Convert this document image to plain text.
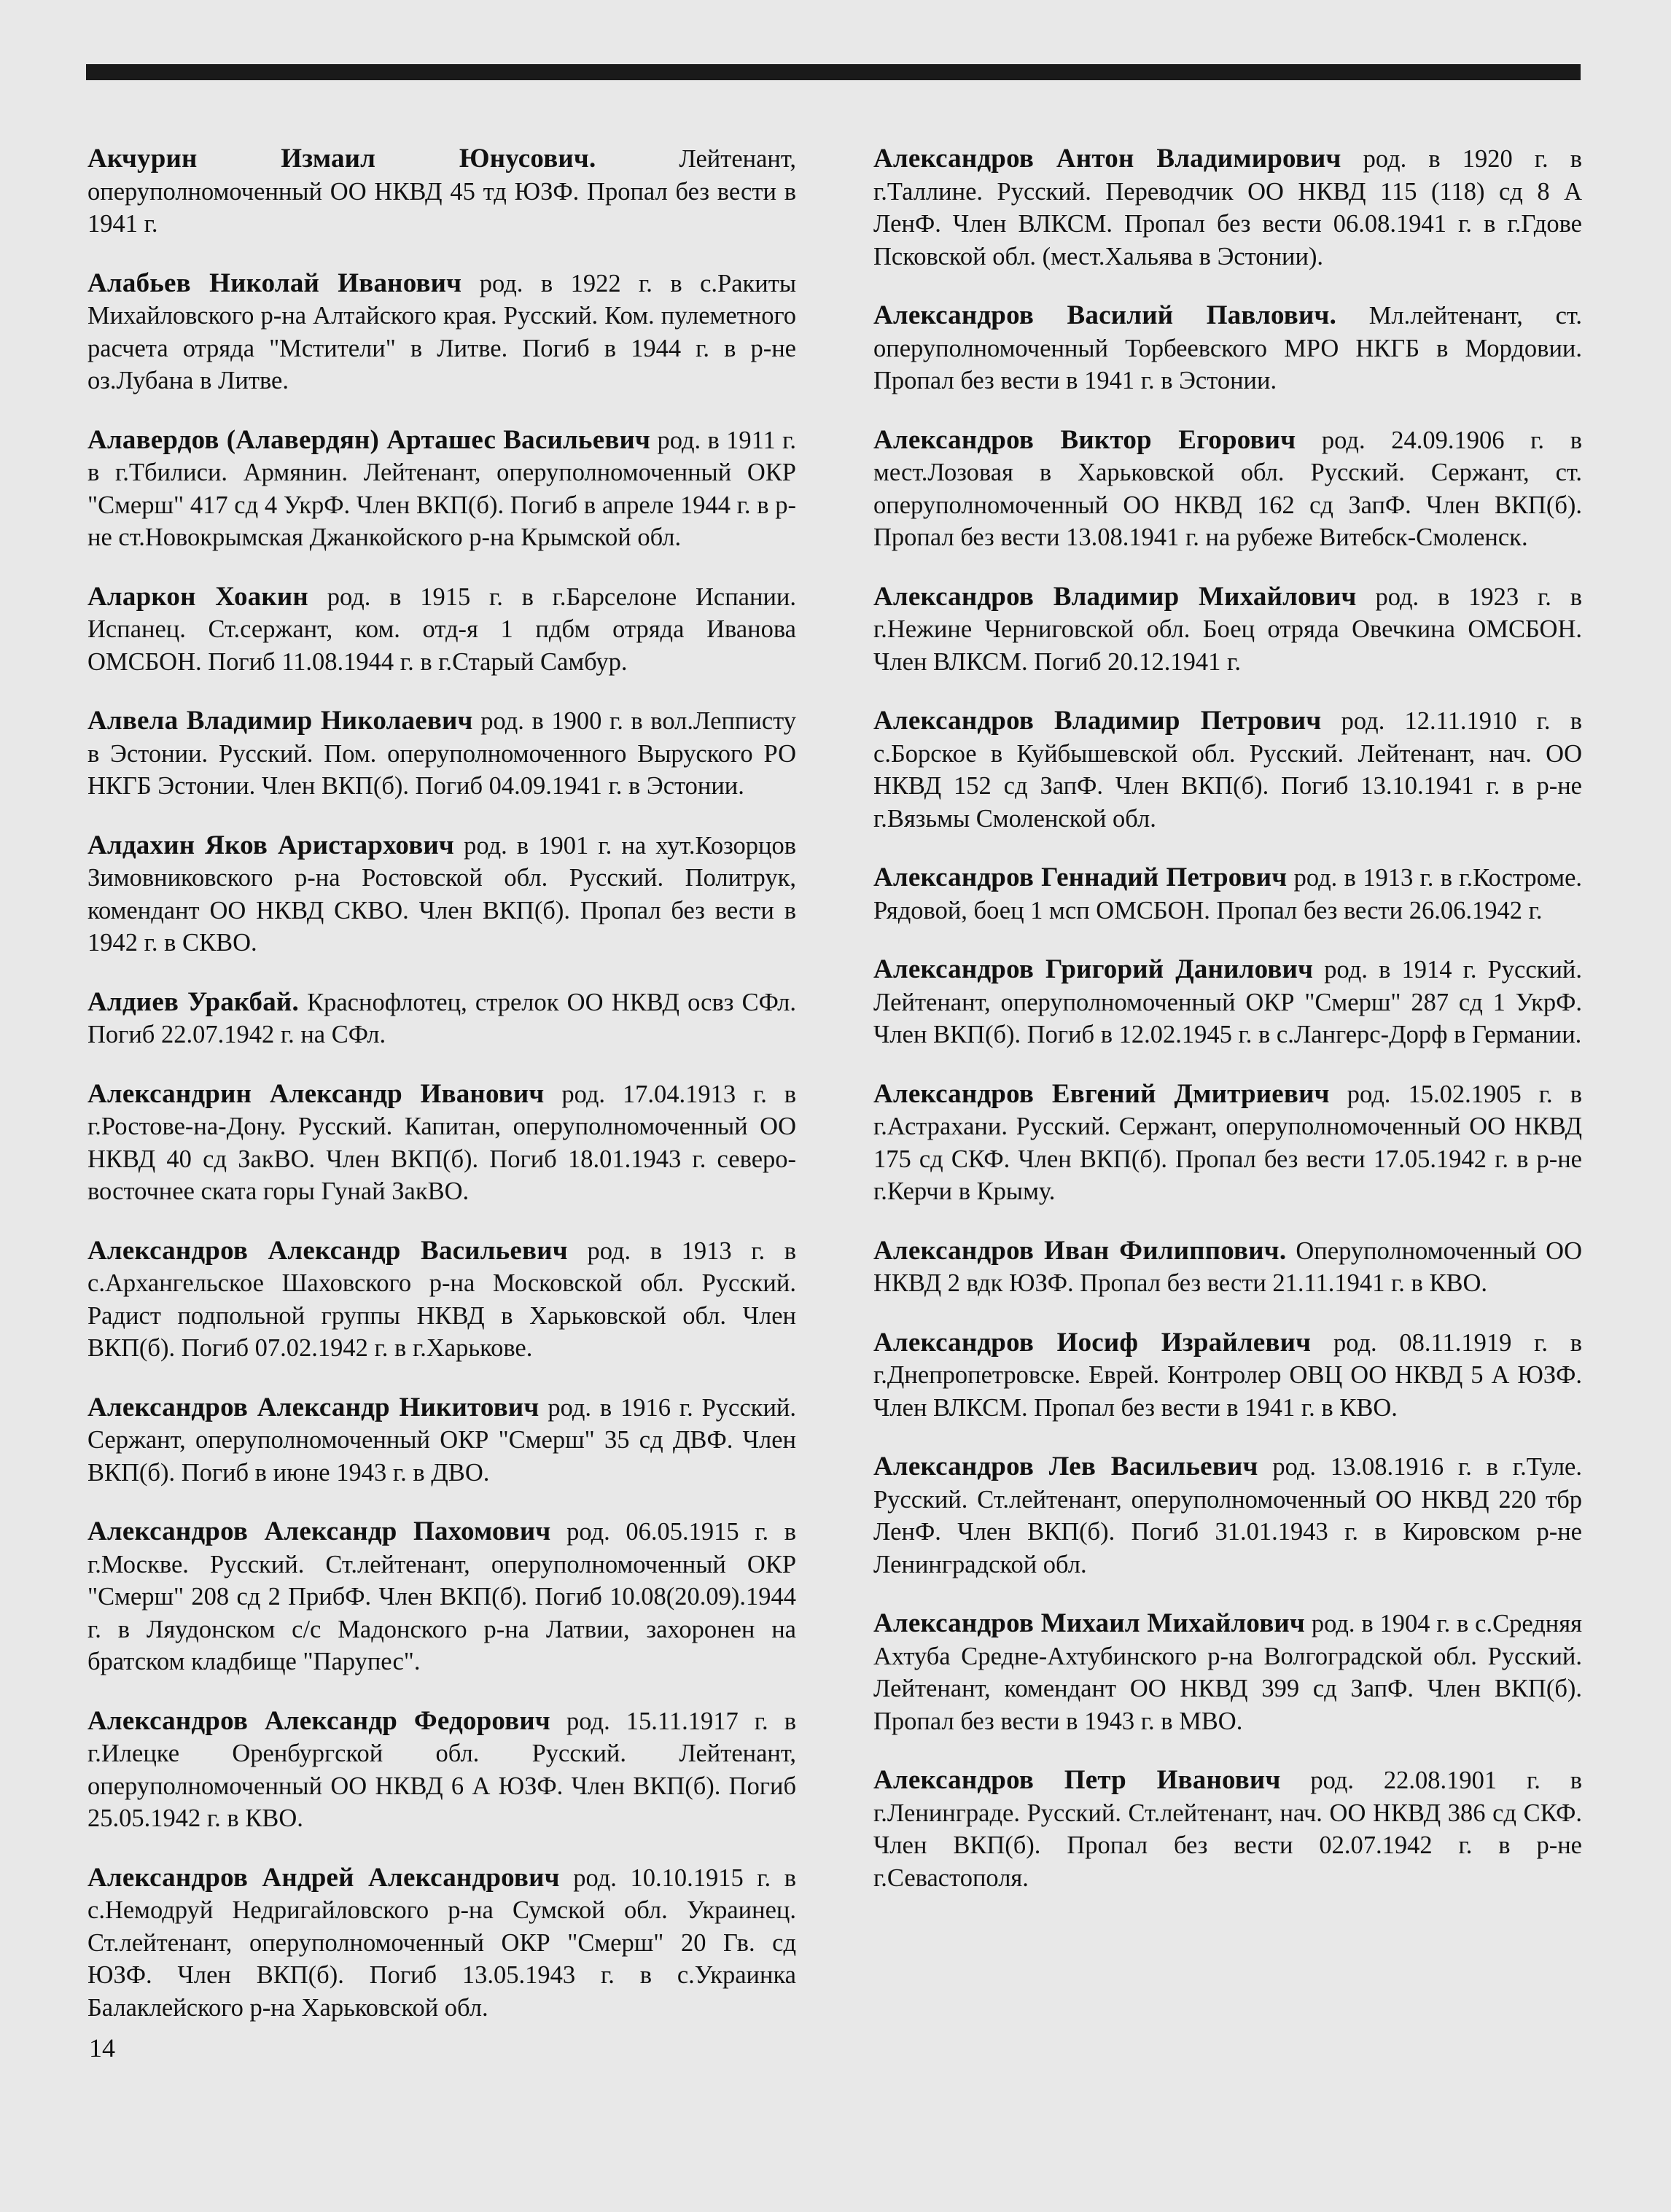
Акчурин Измаил Юнусович.	Лейтенант, оперуполномоченный ОО НКВД 45 тд ЮЗФ. Пропал без вести в 1941 г.

Алабьев Николай Иванович род. в 1922 г. в с.Ракиты Михайловского р-на Алтайского края. Русский. Ком. пулеметного расчета отряда "Мстители" в Литве. Погиб в 1944 г. в р-не оз.Лубана в Литве.

Алавердов (Алавердян) Арташес Васильевич род. в 1911 г. в г.Тбилиси. Армянин. Лейтенант, оперуполномоченный ОКР "Смерш" 417 сд 4 УкрФ. Член ВКП(б). Погиб в апреле 1944 г. в р-не ст.Новокрымская Джанкойского р-на Крымской обл.

Аларкон Хоакин род. в 1915 г. в г.Барселоне Испании. Испанец. Ст.сержант, ком. отд-я 1 пдбм отряда Иванова ОМСБОН. Погиб 11.08.1944 г. в г.Старый Самбур.

Алвела Владимир Николаевич род. в 1900 г. в вол.Лепписту в Эстонии. Русский. Пом. оперуполномоченного Выруского РО НКГБ Эстонии. Член ВКП(б). Погиб 04.09.1941 г. в Эстонии.

Алдахин Яков Аристархович род. в 1901 г. на хут.Козорцов Зимовниковского р-на Ростовской обл. Русский. Политрук, комендант ОО НКВД СКВО. Член ВКП(б). Пропал без вести в 1942 г. в СКВО.

Алдиев Уракбай. Краснофлотец, стрелок ОО НКВД освз СФл. Погиб 22.07.1942 г. на СФл.

Александрин Александр Иванович род. 17.04.1913 г. в г.Ростове-на-Дону. Русский. Капитан, оперуполномоченный ОО НКВД 40 сд ЗакВО. Член ВКП(б). Погиб 18.01.1943 г. северо-восточнее ската горы Гунай ЗакВО.

Александров Александр Васильевич род. в 1913 г. в с.Архангельское Шаховского р-на Московской обл. Русский. Радист подпольной группы НКВД в Харьковской обл. Член ВКП(б). Погиб 07.02.1942 г. в г.Харькове.

Александров Александр Никитович род. в 1916 г. Русский. Сержант, оперуполномоченный ОКР "Смерш" 35 сд ДВФ. Член ВКП(б). Погиб в июне 1943 г. в ДВО.

Александров Александр Пахомович род. 06.05.1915 г. в г.Москве. Русский. Ст.лейтенант, оперуполномоченный ОКР "Смерш" 208 сд 2 ПрибФ. Член ВКП(б). Погиб 10.08(20.09).1944 г. в Ляудонском с/с Мадонского р-на Латвии, захоронен на братском кладбище "Парупес".

Александров Александр Федорович род. 15.11.1917 г. в г.Илецке Оренбургской обл. Русский. Лейтенант, оперуполномоченный ОО НКВД 6 А ЮЗФ. Член ВКП(б). Погиб 25.05.1942 г. в КВО.

Александров Андрей Александрович род. 10.10.1915 г. в с.Немодруй Недригайловского р-на Сумской обл. Украинец. Ст.лейтенант, оперуполномоченный ОКР "Смерш" 20 Гв. сд ЮЗФ. Член ВКП(б). Погиб 13.05.1943 г. в с.Украинка Балаклейского р-на Харьковской обл.

Александров Антон Владимирович род. в 1920 г. в г.Таллине. Русский. Переводчик ОО НКВД 115 (118) сд 8 А ЛенФ. Член ВЛКСМ. Пропал без вести 06.08.1941 г. в г.Гдове Псковской обл. (мест.Хальява в Эстонии).

Александров Василий Павлович. Мл.лейтенант, ст. оперуполномоченный Торбеевского МРО НКГБ в Мордовии. Пропал без вести в 1941 г. в Эстонии.

Александров Виктор Егорович род. 24.09.1906 г. в мест.Лозовая в Харьковской обл. Русский. Сержант, ст. оперуполномоченный ОО НКВД 162 сд ЗапФ. Член ВКП(б). Пропал без вести 13.08.1941 г. на рубеже Витебск-Смоленск.

Александров Владимир Михайлович род. в 1923 г. в г.Нежине Черниговской обл. Боец отряда Овечкина ОМСБОН. Член ВЛКСМ. Погиб 20.12.1941 г.

Александров Владимир Петрович род. 12.11.1910 г. в с.Борское в Куйбышевской обл. Русский. Лейтенант, нач. ОО НКВД 152 сд ЗапФ. Член ВКП(б). Погиб 13.10.1941 г. в р-не г.Вязьмы Смоленской обл.

Александров Геннадий Петрович род. в 1913 г. в г.Костроме. Рядовой, боец 1 мсп ОМСБОН. Пропал без вести 26.06.1942 г.

Александров Григорий Данилович род. в 1914 г. Русский. Лейтенант, оперуполномоченный ОКР "Смерш" 287 сд 1 УкрФ. Член ВКП(б). Погиб в 12.02.1945 г. в с.Лангерс-Дорф в Германии.

Александров Евгений Дмитриевич род. 15.02.1905 г. в г.Астрахани. Русский. Сержант, оперуполномоченный ОО НКВД 175 сд СКФ. Член ВКП(б). Пропал без вести 17.05.1942 г. в р-не г.Керчи в Крыму.

Александров Иван Филиппович. Оперуполномоченный ОО НКВД 2 вдк ЮЗФ. Пропал без вести 21.11.1941 г. в КВО.

Александров Иосиф Израйлевич род. 08.11.1919 г. в г.Днепропетровске. Еврей. Контролер ОВЦ ОО НКВД 5 А ЮЗФ. Член ВЛКСМ. Пропал без вести в 1941 г. в КВО.

Александров Лев Васильевич род. 13.08.1916 г. в г.Туле. Русский. Ст.лейтенант, оперуполномоченный ОО НКВД 220 тбр ЛенФ. Член ВКП(б). Погиб 31.01.1943 г. в Кировском р-не Ленинградской обл.

Александров Михаил Михайлович род. в 1904 г. в с.Средняя Ахтуба Средне-Ахтубинского р-на Волгоградской обл. Русский. Лейтенант, комендант ОО НКВД 399 сд ЗапФ. Член ВКП(б). Пропал без вести в 1943 г. в МВО.

Александров Петр Иванович род. 22.08.1901 г. в г.Ленинграде. Русский. Ст.лейтенант, нач. ОО НКВД 386 сд СКФ. Член ВКП(б). Пропал без вести 02.07.1942 г. в р-не г.Севастополя.

14
